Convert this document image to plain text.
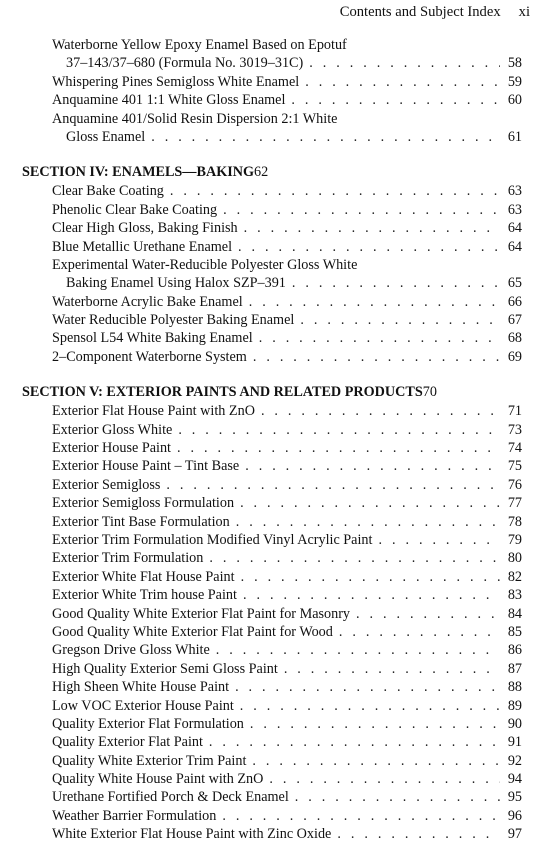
Contents and Subject Index xi
Waterborne Yellow Epoxy Enamel Based on Epotuf
37–143/37–680 (Formula No. 3019–31C) . . .	58
Whispering Pines Semigloss White Enamel . . .	59
Anquamine 401 1:1 White Gloss Enamel . . .	60
Anquamine 401/Solid Resin Dispersion 2:1 White
Gloss Enamel . . .	61
SECTION IV: ENAMELS—BAKING 62
Clear Bake Coating . . .	63
Phenolic Clear Bake Coating . . .	63
Clear High Gloss, Baking Finish . . .	64
Blue Metallic Urethane Enamel . . .	64
Experimental Water-Reducible Polyester Gloss White
Baking Enamel Using Halox SZP–391 . . .	65
Waterborne Acrylic Bake Enamel . . .	66
Water Reducible Polyester Baking Enamel . . .	67
Spensol L54 White Baking Enamel . . .	68
2–Component Waterborne System . . .	69
SECTION V: EXTERIOR PAINTS AND RELATED PRODUCTS 70
Exterior Flat House Paint with ZnO . . .	71
Exterior Gloss White . . .	73
Exterior House Paint . . .	74
Exterior House Paint – Tint Base . . .	75
Exterior Semigloss . . .	76
Exterior Semigloss Formulation . . .	77
Exterior Tint Base Formulation . . .	78
Exterior Trim Formulation Modified Vinyl Acrylic Paint . . .	79
Exterior Trim Formulation . . .	80
Exterior White Flat House Paint . . .	82
Exterior White Trim house Paint . . .	83
Good Quality White Exterior Flat Paint for Masonry . . .	84
Good Quality White Exterior Flat Paint for Wood . . .	85
Gregson Drive Gloss White . . .	86
High Quality Exterior Semi Gloss Paint . . .	87
High Sheen White House Paint . . .	88
Low VOC Exterior House Paint . . .	89
Quality Exterior Flat Formulation . . .	90
Quality Exterior Flat Paint . . .	91
Quality White Exterior Trim Paint . . .	92
Quality White House Paint with ZnO . . .	94
Urethane Fortified Porch & Deck Enamel . . .	95
Weather Barrier Formulation . . .	96
White Exterior Flat House Paint with Zinc Oxide . . .	97
